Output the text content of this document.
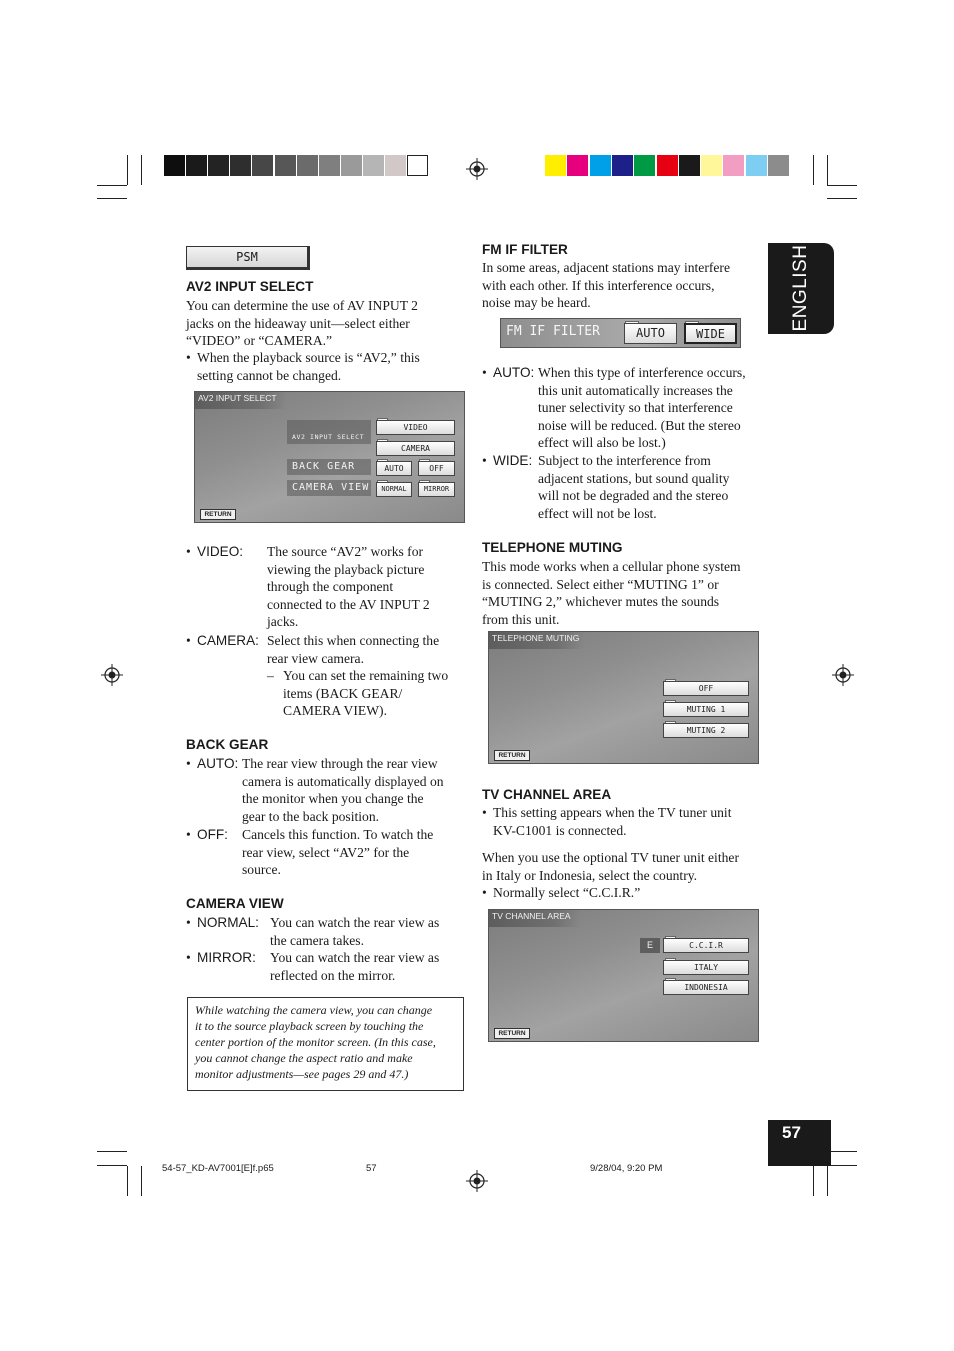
ENGLISH
57
PSM
AV2 INPUT SELECT
You can determine the use of AV INPUT 2
jacks on the hideaway unit—select either
“VIDEO” or “CAMERA.”
• When the playback source is “AV2,” this
setting cannot be changed.
AV2 INPUT SELECT
AV2 INPUT SELECT
VIDEO
CAMERA
BACK GEAR	AUTO	OFF
CAMERA VIEW	NORMAL	MIRROR
RETURN
• VIDEO: The source “AV2” works for
viewing the playback picture
through the component
connected to the AV INPUT 2
jacks.
• CAMERA: Select this when connecting the
rear view camera.
– You can set the remaining two
items (BACK GEAR/
CAMERA VIEW).
BACK GEAR
• AUTO: The rear view through the rear view
camera is automatically displayed on
the monitor when you change the
gear to the back position.
• OFF: Cancels this function. To watch the
rear view, select “AV2” for the
source.
CAMERA VIEW
• NORMAL: You can watch the rear view as
the camera takes.
• MIRROR: You can watch the rear view as
reflected on the mirror.
While watching the camera view, you can change
it to the source playback screen by touching the
center portion of the monitor screen. (In this case,
you cannot change the aspect ratio and make
monitor adjustments—see pages 29 and 47.)
FM IF FILTER
In some areas, adjacent stations may interfere
with each other. If this interference occurs,
noise may be heard.
FM IF FILTER	AUTO	WIDE
• AUTO: When this type of interference occurs,
this unit automatically increases the
tuner selectivity so that interference
noise will be reduced. (But the stereo
effect will also be lost.)
• WIDE: Subject to the interference from
adjacent stations, but sound quality
will not be degraded and the stereo
effect will not be lost.
TELEPHONE MUTING
This mode works when a cellular phone system
is connected. Select either “MUTING 1” or
“MUTING 2,” whichever mutes the sounds
from this unit.
TELEPHONE MUTING
OFF
MUTING 1
MUTING 2
RETURN
TV CHANNEL AREA
• This setting appears when the TV tuner unit
KV-C1001 is connected.
When you use the optional TV tuner unit either
in Italy or Indonesia, select the country.
• Normally select “C.C.I.R.”
TV CHANNEL AREA
E	C.C.I.R
ITALY
INDONESIA
RETURN
54-57_KD-AV7001[E]f.p65	57	9/28/04, 9:20 PM
